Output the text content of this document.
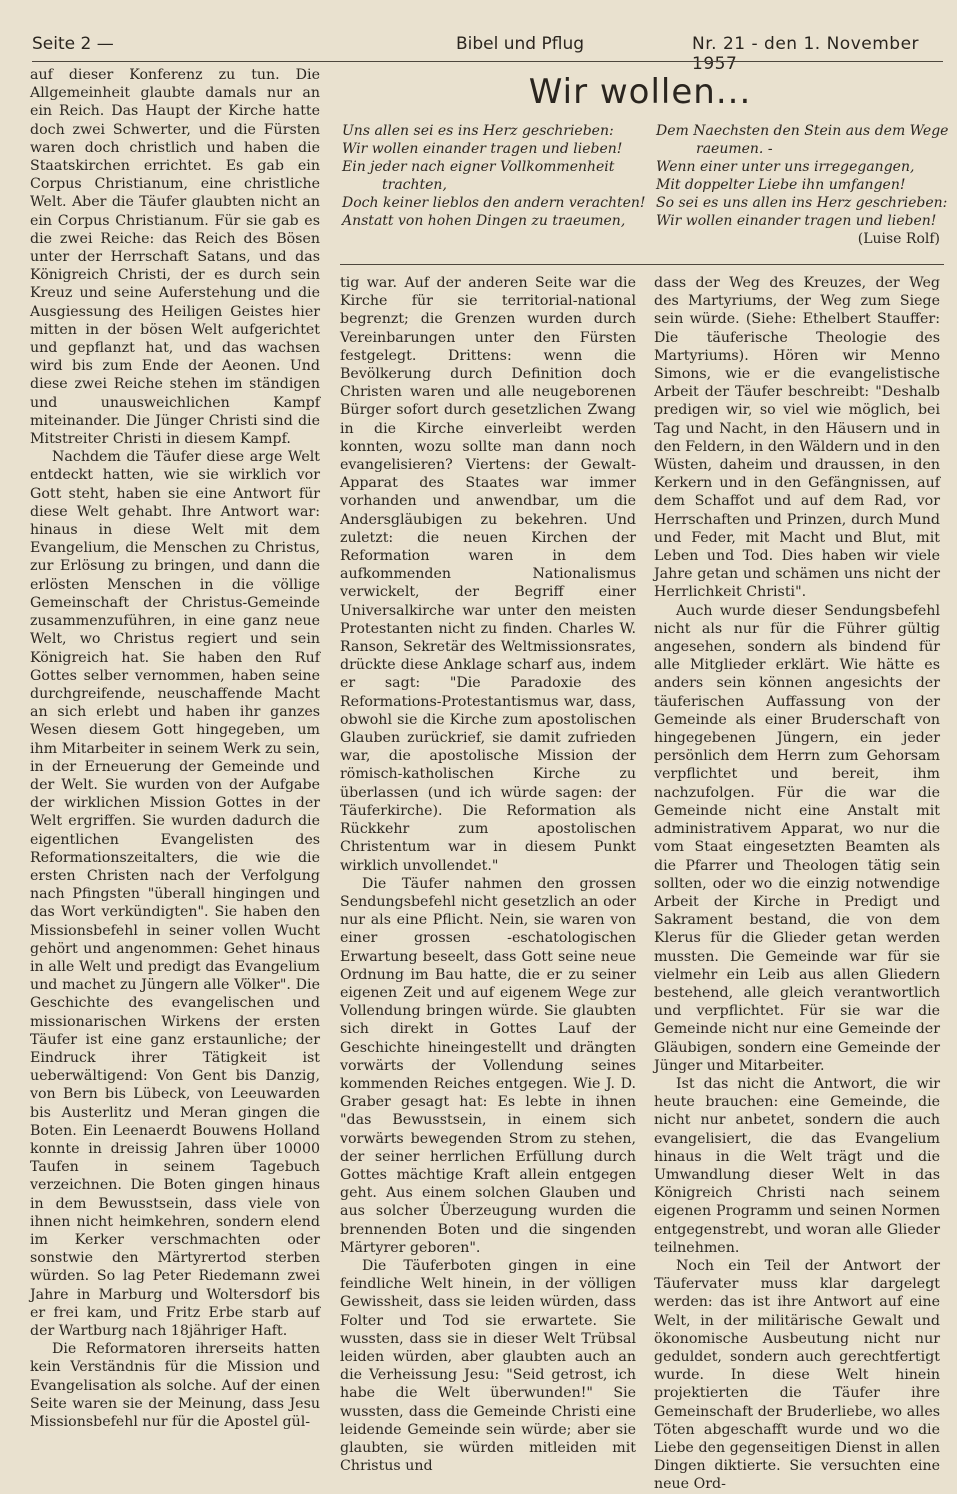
Seite 2 —	Bibel und Pflug	Nr. 21 - den 1. November 1957

auf dieser Konferenz zu tun. Die Allgemeinheit glaubte damals nur an ein Reich. Das Haupt der Kirche hatte doch zwei Schwerter, und die Fürsten waren doch christlich und haben die Staatskirchen errichtet. Es gab ein Corpus Christianum, eine christliche Welt. Aber die Täufer glaubten nicht an ein Corpus Christianum. Für sie gab es die zwei Reiche: das Reich des Bösen unter der Herrschaft Satans, und das Königreich Christi, der es durch sein Kreuz und seine Auferstehung und die Ausgiessung des Heiligen Geistes hier mitten in der bösen Welt aufgerichtet und gepflanzt hat, und das wachsen wird bis zum Ende der Aeonen. Und diese zwei Reiche stehen im ständigen und unausweichlichen Kampf miteinander. Die Jünger Christi sind die Mitstreiter Christi in diesem Kampf.

Nachdem die Täufer diese arge Welt entdeckt hatten, wie sie wirklich vor Gott steht, haben sie eine Antwort für diese Welt gehabt. Ihre Antwort war: hinaus in diese Welt mit dem Evangelium, die Menschen zu Christus, zur Erlösung zu bringen, und dann die erlösten Menschen in die völlige Gemeinschaft der Christus-Gemeinde zusammenzuführen, in eine ganz neue Welt, wo Christus regiert und sein Königreich hat. Sie haben den Ruf Gottes selber vernommen, haben seine durchgreifende, neuschaffende Macht an sich erlebt und haben ihr ganzes Wesen diesem Gott hingegeben, um ihm Mitarbeiter in seinem Werk zu sein, in der Erneuerung der Gemeinde und der Welt. Sie wurden von der Aufgabe der wirklichen Mission Gottes in der Welt ergriffen. Sie wurden dadurch die eigentlichen Evangelisten des Reformationszeitalters, die wie die ersten Christen nach der Verfolgung nach Pfingsten "überall hingingen und das Wort verkündigten". Sie haben den Missionsbefehl in seiner vollen Wucht gehört und angenommen: Gehet hinaus in alle Welt und predigt das Evangelium und machet zu Jüngern alle Völker". Die Geschichte des evangelischen und missionarischen Wirkens der ersten Täufer ist eine ganz erstaunliche; der Eindruck ihrer Tätigkeit ist ueberwältigend: Von Gent bis Danzig, von Bern bis Lübeck, von Leeuwarden bis Austerlitz und Meran gingen die Boten. Ein Leenaerdt Bouwens Holland konnte in dreissig Jahren über 10000 Taufen in seinem Tagebuch verzeichnen. Die Boten gingen hinaus in dem Bewusstsein, dass viele von ihnen nicht heimkehren, sondern elend im Kerker verschmachten oder sonstwie den Märtyrertod sterben würden. So lag Peter Riedemann zwei Jahre in Marburg und Woltersdorf bis er frei kam, und Fritz Erbe starb auf der Wartburg nach 18jähriger Haft.

Die Reformatoren ihrerseits hatten kein Verständnis für die Mission und Evangelisation als solche. Auf der einen Seite waren sie der Meinung, dass Jesu Missionsbefehl nur für die Apostel gül-

Wir wollen...
Uns allen sei es ins Herz geschrieben:
Wir wollen einander tragen und lieben!
Ein jeder nach eigner Vollkommenheit
trachten,
Doch keiner lieblos den andern verachten!
Anstatt von hohen Dingen zu traeumen,
Dem Naechsten den Stein aus dem Wege
raeumen. -
Wenn einer unter uns irregegangen,
Mit doppelter Liebe ihn umfangen!
So sei es uns allen ins Herz geschrieben:
Wir wollen einander tragen und lieben!
(Luise Rolf)

tig war. Auf der anderen Seite war die Kirche für sie territorial-national begrenzt; die Grenzen wurden durch Vereinbarungen unter den Fürsten festgelegt. Drittens: wenn die Bevölkerung durch Definition doch Christen waren und alle neugeborenen Bürger sofort durch gesetzlichen Zwang in die Kirche einverleibt werden konnten, wozu sollte man dann noch evangelisieren? Viertens: der Gewalt-Apparat des Staates war immer vorhanden und anwendbar, um die Andersgläubigen zu bekehren. Und zuletzt: die neuen Kirchen der Reformation waren in dem aufkommenden Nationalismus verwickelt, der Begriff einer Universalkirche war unter den meisten Protestanten nicht zu finden. Charles W. Ranson, Sekretär des Weltmissionsrates, drückte diese Anklage scharf aus, indem er sagt: "Die Paradoxie des Reformations-Protestantismus war, dass, obwohl sie die Kirche zum apostolischen Glauben zurückrief, sie damit zufrieden war, die apostolische Mission der römisch-katholischen Kirche zu überlassen (und ich würde sagen: der Täuferkirche). Die Reformation als Rückkehr zum apostolischen Christentum war in diesem Punkt wirklich unvollendet."

Die Täufer nahmen den grossen Sendungsbefehl nicht gesetzlich an oder nur als eine Pflicht. Nein, sie waren von einer grossen -eschatologischen Erwartung beseelt, dass Gott seine neue Ordnung im Bau hatte, die er zu seiner eigenen Zeit und auf eigenem Wege zur Vollendung bringen würde. Sie glaubten sich direkt in Gottes Lauf der Geschichte hineingestellt und drängten vorwärts der Vollendung seines kommenden Reiches entgegen. Wie J. D. Graber gesagt hat: Es lebte in ihnen "das Bewusstsein, in einem sich vorwärts bewegenden Strom zu stehen, der seiner herrlichen Erfüllung durch Gottes mächtige Kraft allein entgegen geht. Aus einem solchen Glauben und aus solcher Überzeugung wurden die brennenden Boten und die singenden Märtyrer geboren".

Die Täuferboten gingen in eine feindliche Welt hinein, in der völligen Gewissheit, dass sie leiden würden, dass Folter und Tod sie erwartete. Sie wussten, dass sie in dieser Welt Trübsal leiden würden, aber glaubten auch an die Verheissung Jesu: "Seid getrost, ich habe die Welt überwunden!" Sie wussten, dass die Gemeinde Christi eine leidende Gemeinde sein würde; aber sie glaubten, sie würden mitleiden mit Christus und

dass der Weg des Kreuzes, der Weg des Martyriums, der Weg zum Siege sein würde. (Siehe: Ethelbert Stauffer: Die täuferische Theologie des Martyriums). Hören wir Menno Simons, wie er die evangelistische Arbeit der Täufer beschreibt: "Deshalb predigen wir, so viel wie möglich, bei Tag und Nacht, in den Häusern und in den Feldern, in den Wäldern und in den Wüsten, daheim und draussen, in den Kerkern und in den Gefängnissen, auf dem Schaffot und auf dem Rad, vor Herrschaften und Prinzen, durch Mund und Feder, mit Macht und Blut, mit Leben und Tod. Dies haben wir viele Jahre getan und schämen uns nicht der Herrlichkeit Christi".

Auch wurde dieser Sendungsbefehl nicht als nur für die Führer gültig angesehen, sondern als bindend für alle Mitglieder erklärt. Wie hätte es anders sein können angesichts der täuferischen Auffassung von der Gemeinde als einer Bruderschaft von hingegebenen Jüngern, ein jeder persönlich dem Herrn zum Gehorsam verpflichtet und bereit, ihm nachzufolgen. Für die war die Gemeinde nicht eine Anstalt mit administrativem Apparat, wo nur die vom Staat eingesetzten Beamten als die Pfarrer und Theologen tätig sein sollten, oder wo die einzig notwendige Arbeit der Kirche in Predigt und Sakrament bestand, die von dem Klerus für die Glieder getan werden mussten. Die Gemeinde war für sie vielmehr ein Leib aus allen Gliedern bestehend, alle gleich verantwortlich und verpflichtet. Für sie war die Gemeinde nicht nur eine Gemeinde der Gläubigen, sondern eine Gemeinde der Jünger und Mitarbeiter.

Ist das nicht die Antwort, die wir heute brauchen: eine Gemeinde, die nicht nur anbetet, sondern die auch evangelisiert, die das Evangelium hinaus in die Welt trägt und die Umwandlung dieser Welt in das Königreich Christi nach seinem eigenen Programm und seinen Normen entgegenstrebt, und woran alle Glieder teilnehmen.

Noch ein Teil der Antwort der Täufervater muss klar dargelegt werden: das ist ihre Antwort auf eine Welt, in der militärische Gewalt und ökonomische Ausbeutung nicht nur geduldet, sondern auch gerechtfertigt wurde. In diese Welt hinein projektierten die Täufer ihre Gemeinschaft der Bruderliebe, wo alles Töten abgeschafft wurde und wo die Liebe den gegenseitigen Dienst in allen Dingen diktierte. Sie versuchten eine neue Ord-
